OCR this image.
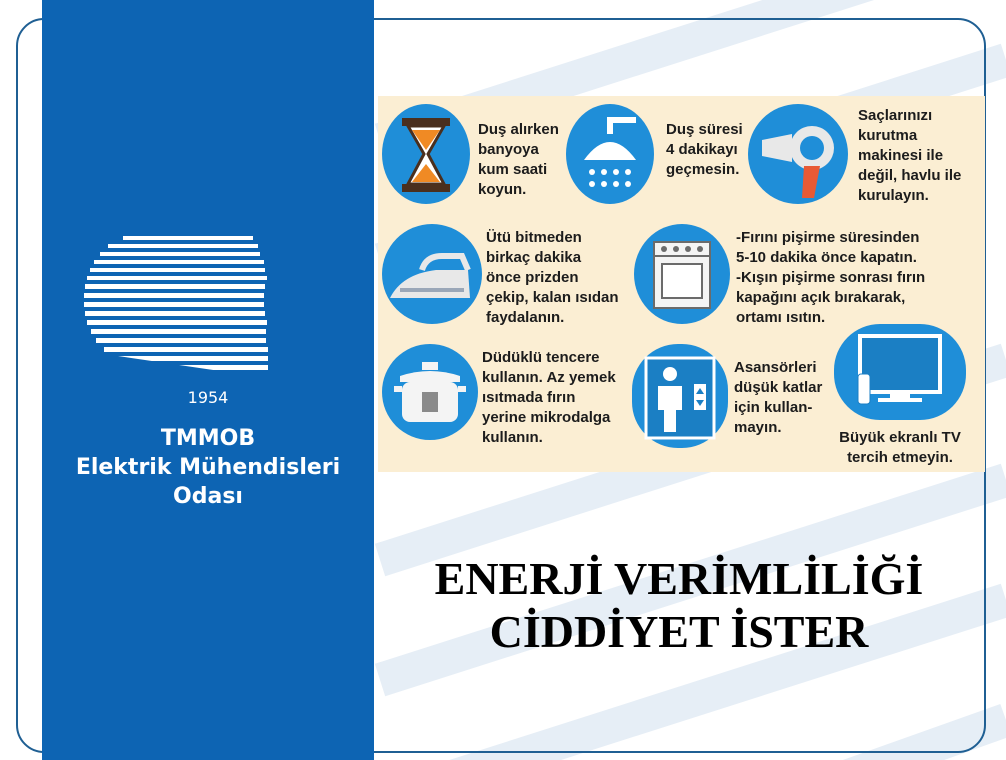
1954
TMMOB
Elektrik Mühendisleri
Odası
Duş alırken
banyoya
kum saati
koyun.
Duş süresi
4 dakikayı
geçmesin.
Saçlarınızı
kurutma
makinesi ile
değil, havlu ile
kurulayın.
Ütü bitmeden
birkaç dakika
önce prizden
çekip, kalan ısıdan
faydalanın.
-Fırını pişirme süresinden
5-10 dakika önce kapatın.
-Kışın pişirme sonrası fırın
kapağını açık bırakarak,
ortamı ısıtın.
Düdüklü tencere
kullanın. Az yemek
ısıtmada fırın
yerine mikrodalga
kullanın.
Asansörleri
düşük katlar
için kullan-
mayın.
Büyük ekranlı TV
tercih etmeyin.
ENERJİ VERİMLİLİĞİ
CİDDİYET İSTER
